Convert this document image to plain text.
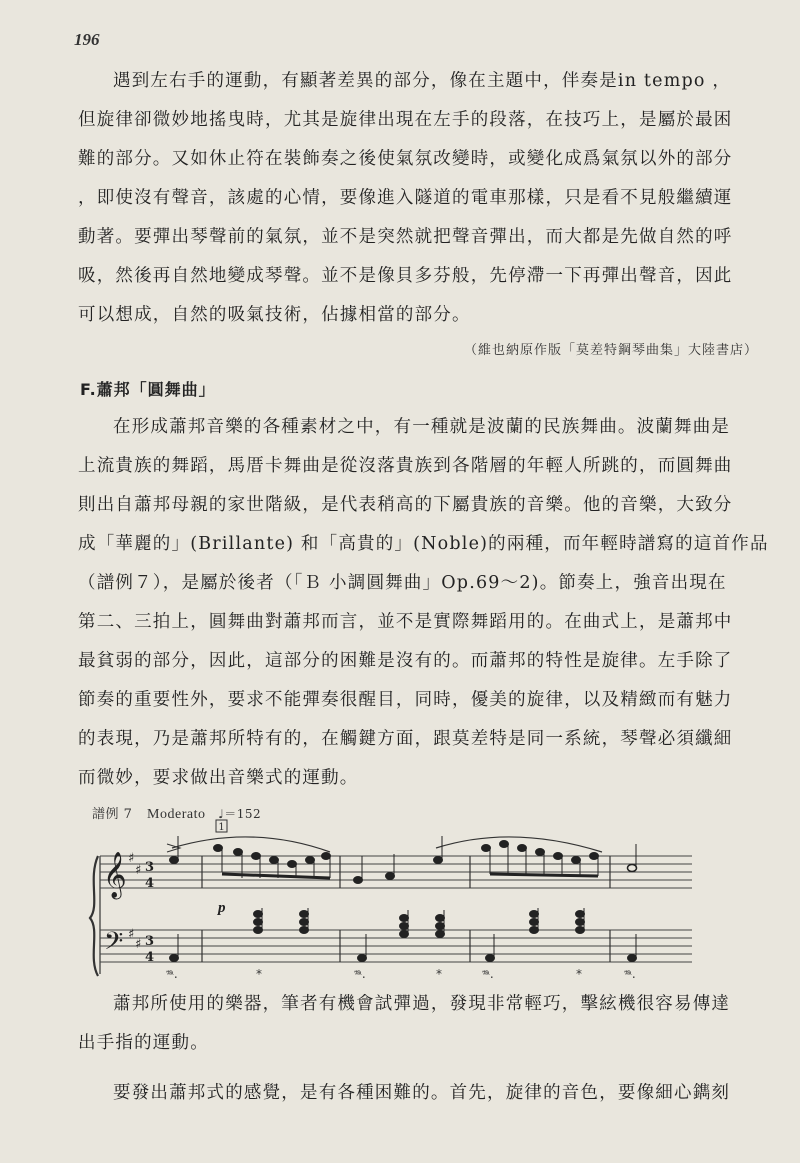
196

遇到左右手的運動，有顯著差異的部分，像在主題中，伴奏是in tempo ，
但旋律卻微妙地搖曳時，尤其是旋律出現在左手的段落，在技巧上，是屬於最困
難的部分。又如休止符在裝飾奏之後使氣氛改變時，或變化成爲氣氛以外的部分
，即使沒有聲音，該處的心情，要像進入隧道的電車那樣，只是看不見般繼續運
動著。要彈出琴聲前的氣氛，並不是突然就把聲音彈出，而大都是先做自然的呼
吸，然後再自然地變成琴聲。並不是像貝多芬般，先停滯一下再彈出聲音，因此
可以想成，自然的吸氣技術，佔據相當的部分。

（維也納原作版「莫差特鋼琴曲集」大陸書店）
F.蕭邦「圓舞曲」

在形成蕭邦音樂的各種素材之中，有一種就是波蘭的民族舞曲。波蘭舞曲是
上流貴族的舞蹈，馬厝卡舞曲是從沒落貴族到各階層的年輕人所跳的，而圓舞曲
則出自蕭邦母親的家世階級，是代表稍高的下屬貴族的音樂。他的音樂，大致分
成「華麗的」(Brillante) 和「高貴的」(Noble)的兩種，而年輕時譜寫的這首作品
（譜例７），是屬於後者（「Ｂ 小調圓舞曲」Op.69～2)。節奏上，強音出現在
第二、三拍上，圓舞曲對蕭邦而言，並不是實際舞蹈用的。在曲式上，是蕭邦中
最貧弱的部分，因此，這部分的困難是沒有的。而蕭邦的特性是旋律。左手除了
節奏的重要性外，要求不能彈奏很醒目，同時，優美的旋律，以及精緻而有魅力
的表現，乃是蕭邦所特有的，在觸鍵方面，跟莫差特是同一系統，琴聲必須纖細
而微妙，要求做出音樂式的運動。

譜例 7 Moderato ♩＝152
1
𝄞
𝄢
♯
♯
♯
♯
3
4
3
4
p
𝆮.	*	𝆮.	*	𝆮.	*	𝆮.

蕭邦所使用的樂器，筆者有機會試彈過，發現非常輕巧，擊絃機很容易傳達
出手指的運動。

要發出蕭邦式的感覺，是有各種困難的。首先，旋律的音色，要像細心鐫刻
